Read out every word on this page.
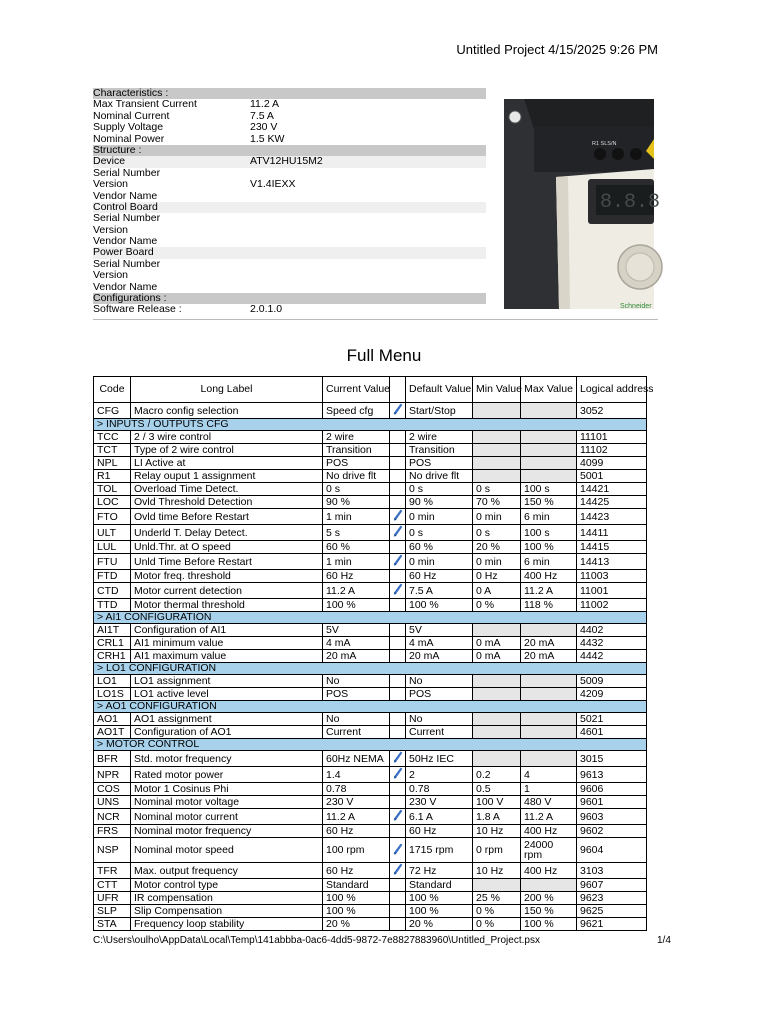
Untitled Project 4/15/2025 9:26 PM
Characteristics :
Max Transient Current	11.2 A
Nominal Current	7.5 A
Supply Voltage	230 V
Nominal Power	1.5 KW
Structure :
Device	ATV12HU15M2
Serial Number
Version	V1.4IEXX
Vendor Name
Control Board
Serial Number
Version
Vendor Name
Power Board
Serial Number
Version
Vendor Name
Configurations :
Software Release :	2.0.1.0
R1 SLS/N
8.8.8
Schneider
Full Menu
Code	Long Label	Current Value		Default Value	Min Value	Max Value	Logical address
CFG	Macro config selection	Speed cfg		Start/Stop			3052
> INPUTS / OUTPUTS CFG							
TCC	2 / 3 wire control	2 wire		2 wire			11101
TCT	Type of 2 wire control	Transition		Transition			11102
NPL	LI Active at	POS		POS			4099
R1	Relay ouput 1 assignment	No drive flt		No drive flt			5001
TOL	Overload Time Detect.	0 s		0 s	0 s	100 s	14421
LOC	Ovld Threshold Detection	90 %		90 %	70 %	150 %	14425
FTO	Ovld time Before Restart	1 min		0 min	0 min	6 min	14423
ULT	Underld T. Delay Detect.	5 s		0 s	0 s	100 s	14411
LUL	Unld.Thr. at O speed	60 %		60 %	20 %	100 %	14415
FTU	Unld Time Before Restart	1 min		0 min	0 min	6 min	14413
FTD	Motor freq. threshold	60 Hz		60 Hz	0 Hz	400 Hz	11003
CTD	Motor current detection	11.2 A		7.5 A	0 A	11.2 A	11001
TTD	Motor thermal threshold	100 %		100 %	0 %	118 %	11002
> AI1 CONFIGURATION							
AI1T	Configuration of AI1	5V		5V			4402
CRL1	AI1 minimum value	4 mA		4 mA	0 mA	20 mA	4432
CRH1	AI1 maximum value	20 mA		20 mA	0 mA	20 mA	4442
> LO1 CONFIGURATION							
LO1	LO1 assignment	No		No			5009
LO1S	LO1 active level	POS		POS			4209
> AO1 CONFIGURATION							
AO1	AO1 assignment	No		No			5021
AO1T	Configuration of AO1	Current		Current			4601
> MOTOR CONTROL							
BFR	Std. motor frequency	60Hz NEMA		50Hz IEC			3015
NPR	Rated motor power	1.4		2	0.2	4	9613
COS	Motor 1 Cosinus Phi	0.78		0.78	0.5	1	9606
UNS	Nominal motor voltage	230 V		230 V	100 V	480 V	9601
NCR	Nominal motor current	11.2 A		6.1 A	1.8 A	11.2 A	9603
FRS	Nominal motor frequency	60 Hz		60 Hz	10 Hz	400 Hz	9602
NSP	Nominal motor speed	100 rpm		1715 rpm	0 rpm	24000 rpm	9604
TFR	Max. output frequency	60 Hz		72 Hz	10 Hz	400 Hz	3103
CTT	Motor control type	Standard		Standard			9607
UFR	IR compensation	100 %		100 %	25 %	200 %	9623
SLP	Slip Compensation	100 %		100 %	0 %	150 %	9625
STA	Frequency loop stability	20 %		20 %	0 %	100 %	9621
C:\Users\oulho\AppData\Local\Temp\141abbba-0ac6-4dd5-9872-7e8827883960\Untitled_Project.psx	1/4
